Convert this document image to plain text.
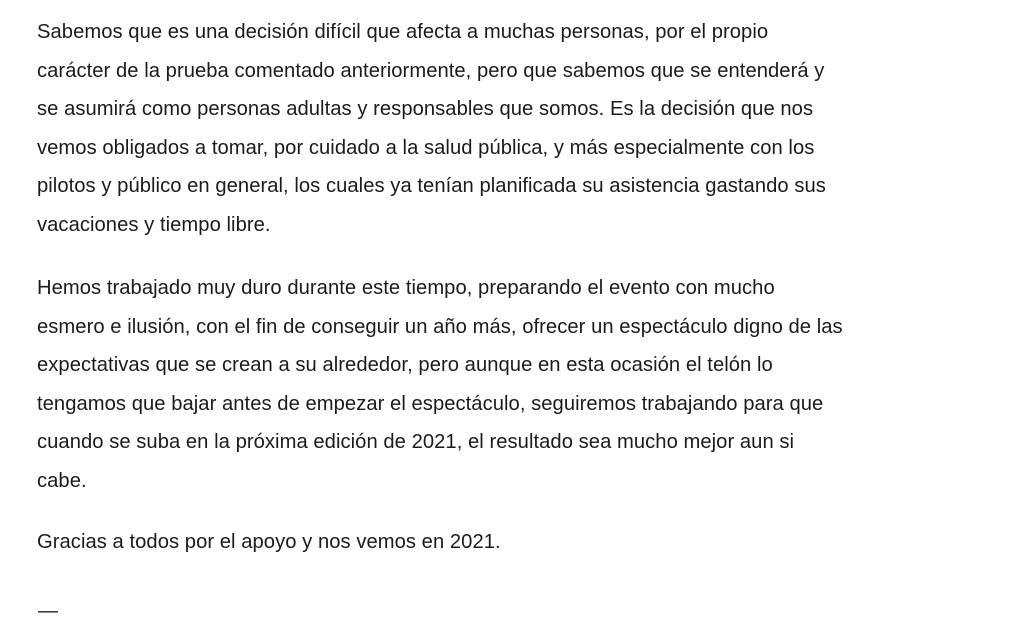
Sabemos que es una decisión difícil que afecta a muchas personas, por el propio
carácter de la prueba comentado anteriormente, pero que sabemos que se entenderá y
se asumirá como personas adultas y responsables que somos. Es la decisión que nos
vemos obligados a tomar, por cuidado a la salud pública, y más especialmente con los
pilotos y público en general, los cuales ya tenían planificada su asistencia gastando sus
vacaciones y tiempo libre.

Hemos trabajado muy duro durante este tiempo, preparando el evento con mucho
esmero e ilusión, con el fin de conseguir un año más, ofrecer un espectáculo digno de las
expectativas que se crean a su alrededor, pero aunque en esta ocasión el telón lo
tengamos que bajar antes de empezar el espectáculo, seguiremos trabajando para que
cuando se suba en la próxima edición de 2021, el resultado sea mucho mejor aun si
cabe.

Gracias a todos por el apoyo y nos vemos en 2021.

—
